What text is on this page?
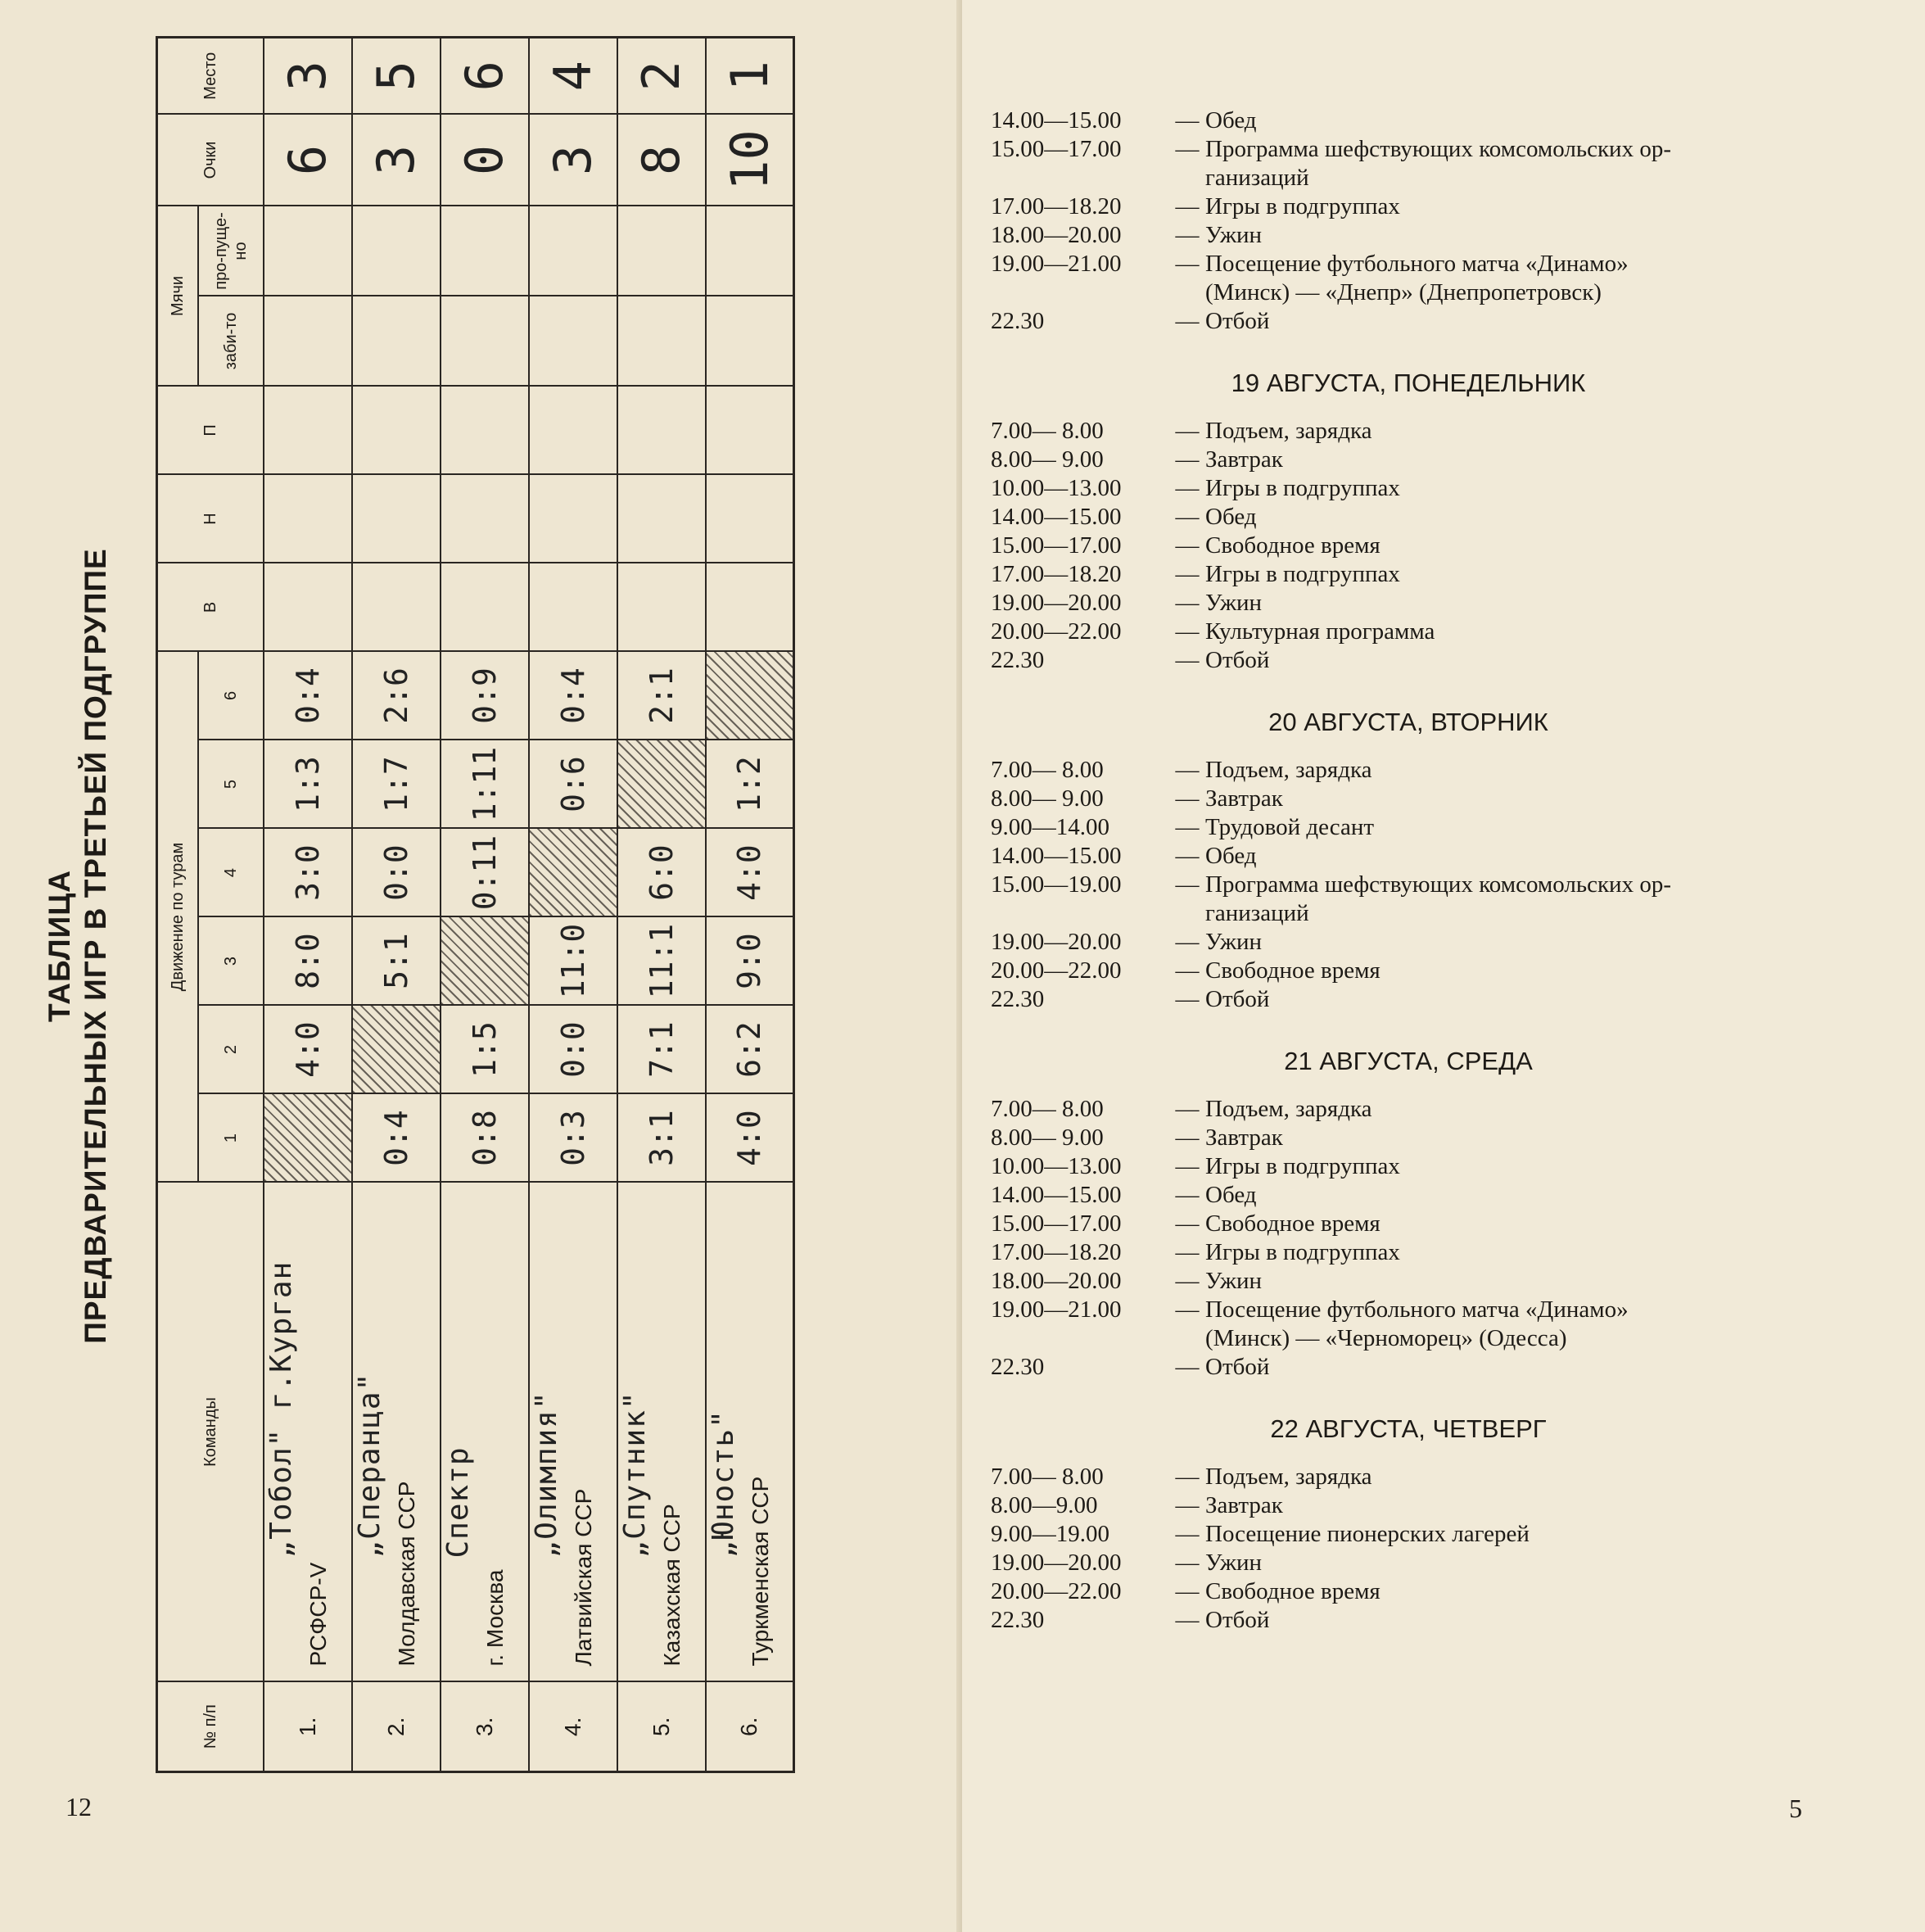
ТАБЛИЦА ПРЕДВАРИТЕЛЬНЫХ ИГР В ТРЕТЬЕЙ ПОДГРУППЕ
№ п/п	Команды	Движение по турам						В	Н	П	Мячи		Очки	Место
		1	2	3	4	5	6				заби-то	про-пуще-но		

1.	„Тобол" г.Курган
РСФСР-V		4:0	8:0	3:0	1:3	0:4						6	3
2.	„Сперанца"
Молдавская ССР	0:4		5:1	0:0	1:7	2:6						3	5
3.	Спектр
г. Москва	0:8	1:5		0:11	1:11	0:9						0	6
4.	„Олимпия"
Латвийская ССР	0:3	0:0	11:0		0:6	0:4						3	4
5.	„Спутник"
Казахская ССР	3:1	7:1	11:1	6:0		2:1						8	2
6.	„Юность" Туркменская ССР	4:0	6:2	9:0	4:0	1:2							10	1
12	5
14.00—15.00	— Обед
15.00—17.00	— Программа шефствующих комсомольских ор-
ганизаций
17.00—18.20	— Игры в подгруппах
18.00—20.00	— Ужин
19.00—21.00	— Посещение футбольного матча «Динамо»
(Минск) — «Днепр» (Днепропетровск)
22.30	— Отбой
19 АВГУСТА, ПОНЕДЕЛЬНИК
7.00— 8.00	— Подъем, зарядка
8.00— 9.00	— Завтрак
10.00—13.00	— Игры в подгруппах
14.00—15.00	— Обед
15.00—17.00	— Свободное время
17.00—18.20	— Игры в подгруппах
19.00—20.00	— Ужин
20.00—22.00	— Культурная программа
22.30	— Отбой
20 АВГУСТА, ВТОРНИК
7.00— 8.00	— Подъем, зарядка
8.00— 9.00	— Завтрак
9.00—14.00	— Трудовой десант
14.00—15.00	— Обед
15.00—19.00	— Программа шефствующих комсомольских ор-
ганизаций
19.00—20.00	— Ужин
20.00—22.00	— Свободное время
22.30	— Отбой
21 АВГУСТА, СРЕДА
7.00— 8.00	— Подъем, зарядка
8.00— 9.00	— Завтрак
10.00—13.00	— Игры в подгруппах
14.00—15.00	— Обед
15.00—17.00	— Свободное время
17.00—18.20	— Игры в подгруппах
18.00—20.00	— Ужин
19.00—21.00	— Посещение футбольного матча «Динамо»
(Минск) — «Черноморец» (Одесса)
22.30	— Отбой
22 АВГУСТА, ЧЕТВЕРГ
7.00— 8.00	— Подъем, зарядка
8.00—9.00	— Завтрак
9.00—19.00	— Посещение пионерских лагерей
19.00—20.00	— Ужин
20.00—22.00	— Свободное время
22.30	— Отбой
